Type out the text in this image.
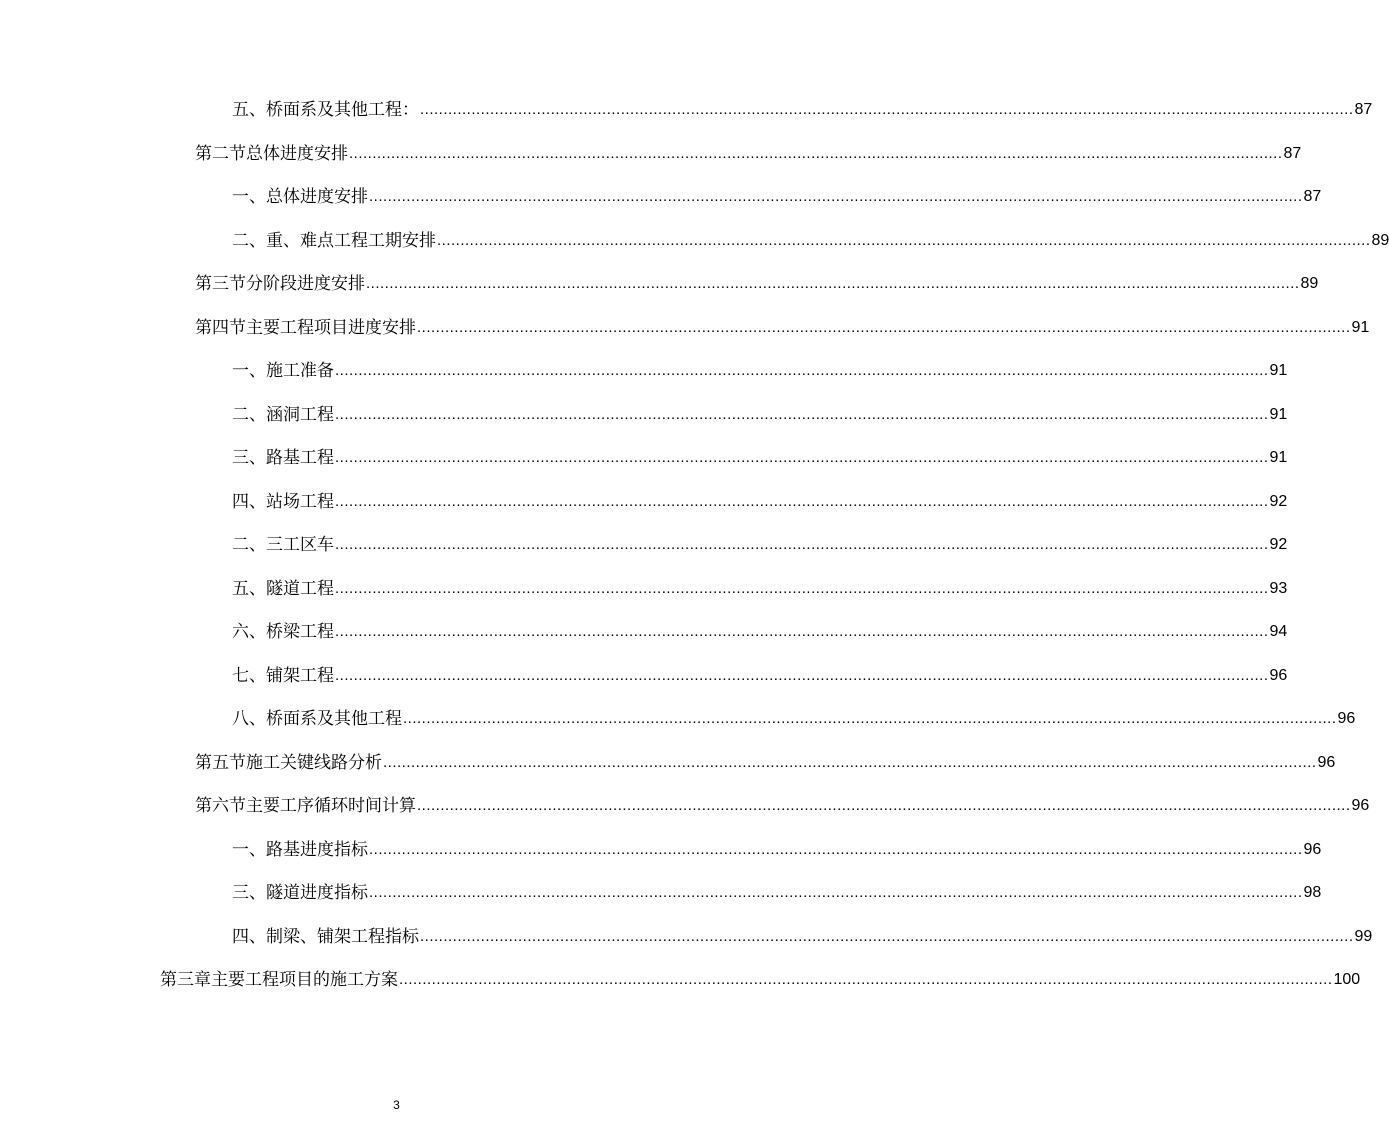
五、桥面系及其他工程： ........................................................................................................................................................................................................ 87
第二节总体进度安排 ........................................................................................................................................................................................................ 87
一、总体进度安排 ........................................................................................................................................................................................................ 87
二、重、难点工程工期安排 ........................................................................................................................................................................................................ 89
第三节分阶段进度安排 ........................................................................................................................................................................................................ 89
第四节主要工程项目进度安排 ........................................................................................................................................................................................................ 91
一、施工准备 ........................................................................................................................................................................................................ 91
二、涵洞工程 ........................................................................................................................................................................................................ 91
三、路基工程 ........................................................................................................................................................................................................ 91
四、站场工程 ........................................................................................................................................................................................................ 92
二、三工区车 ........................................................................................................................................................................................................ 92
五、隧道工程 ........................................................................................................................................................................................................ 93
六、桥梁工程 ........................................................................................................................................................................................................ 94
七、铺架工程 ........................................................................................................................................................................................................ 96
八、桥面系及其他工程 ........................................................................................................................................................................................................ 96
第五节施工关键线路分析 ........................................................................................................................................................................................................ 96
第六节主要工序循环时间计算 ........................................................................................................................................................................................................ 96
一、路基进度指标 ........................................................................................................................................................................................................ 96
三、隧道进度指标 ........................................................................................................................................................................................................ 98
四、制梁、铺架工程指标 ........................................................................................................................................................................................................ 99
第三章主要工程项目的施工方案 ........................................................................................................................................................................................................ 100
3
